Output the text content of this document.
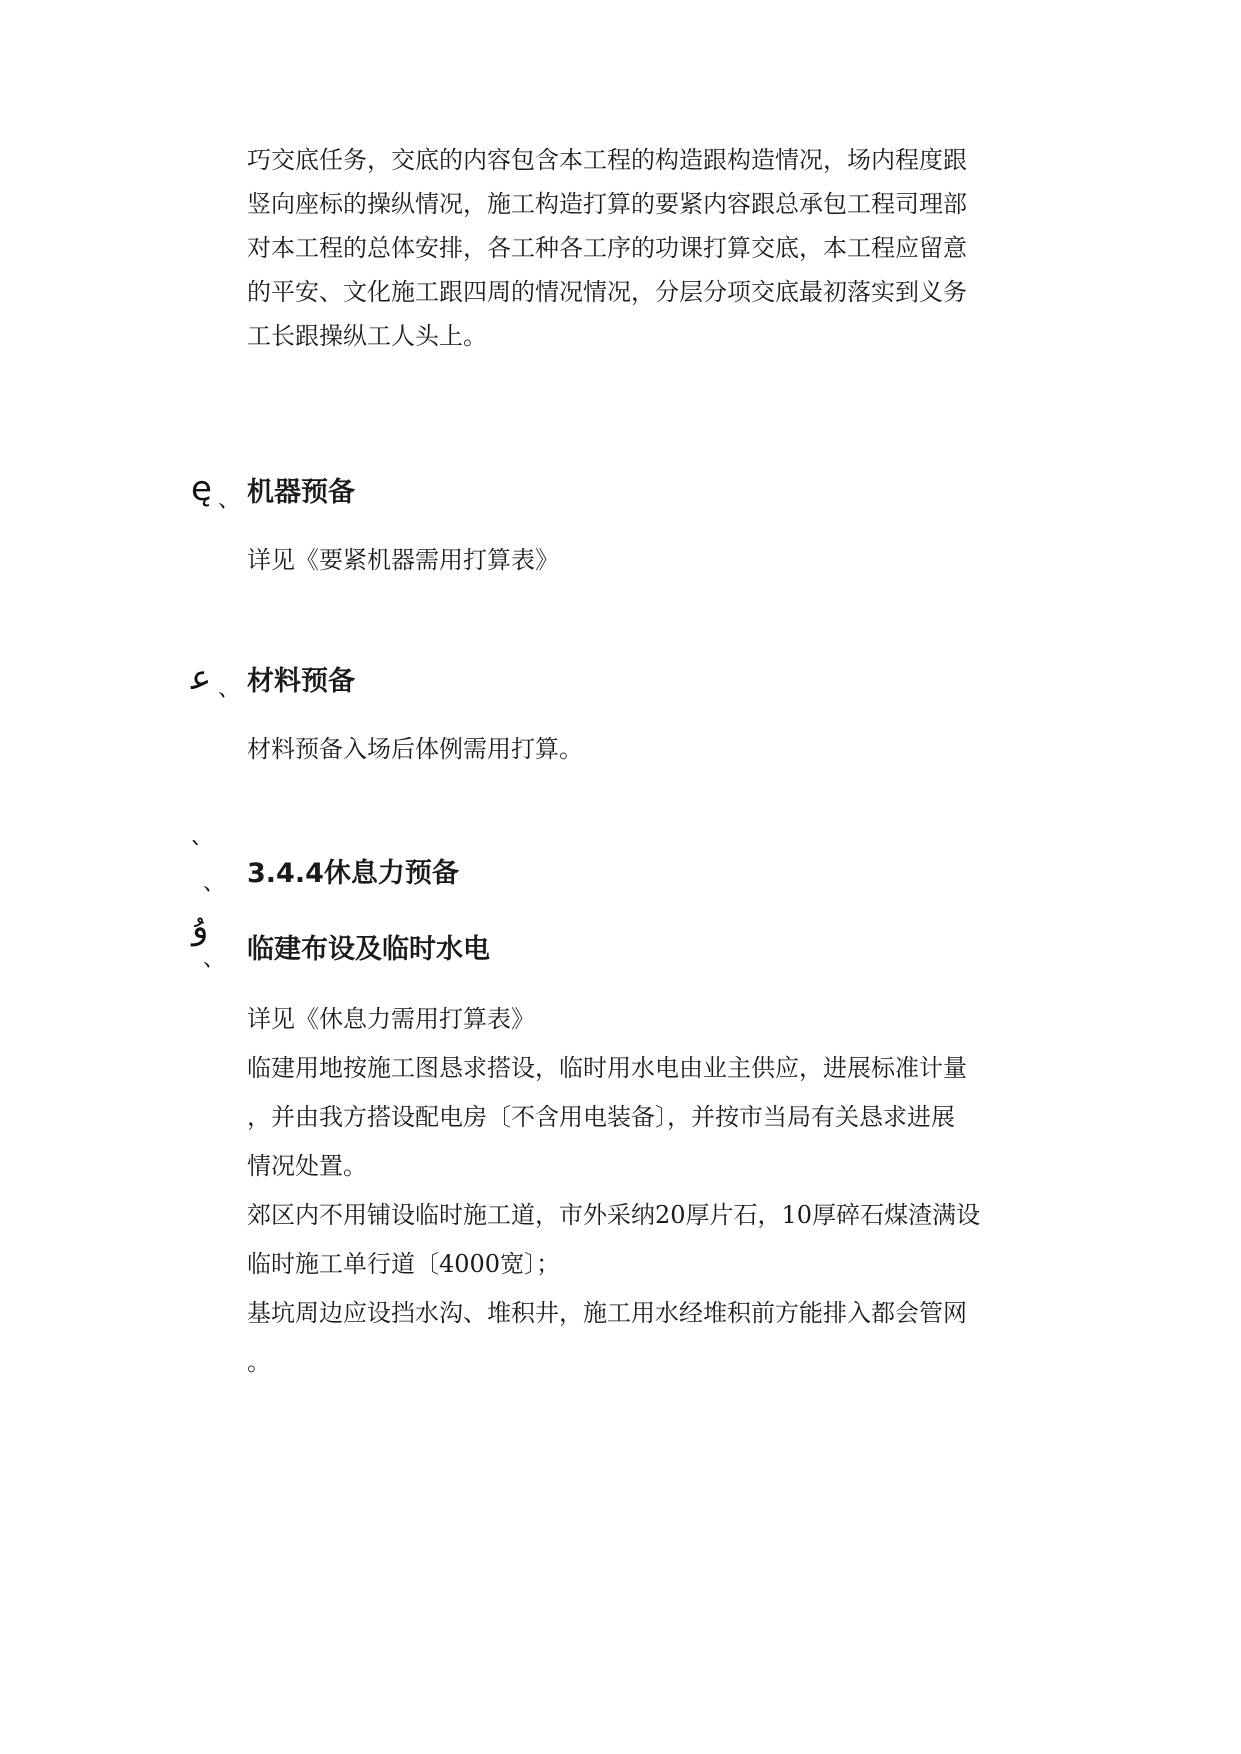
巧交底任务，交底的内容包含本工程的构造跟构造情况，场内程度跟
竖向座标的操纵情况，施工构造打算的要紧内容跟总承包工程司理部
对本工程的总体安排，各工种各工序的功课打算交底，本工程应留意
的平安、文化施工跟四周的情况情况，分层分项交底最初落实到义务
工长跟操纵工人头上。
ę 、 机器预备
详见《要紧机器需用打算表》
ﻋ 、 材料预备
材料预备入场后体例需用打算。
`
、 3.4.4休息力预备
ۇ
、 临建布设及临时水电
详见《休息力需用打算表》
临建用地按施工图恳求搭设，临时用水电由业主供应，进展标准计量
，并由我方搭设配电房〔不含用电装备〕，并按市当局有关恳求进展
情况处置。
郊区内不用铺设临时施工道，市外采纳20厚片石，10厚碎石煤渣满设
临时施工单行道〔4000宽〕；
基坑周边应设挡水沟、堆积井，施工用水经堆积前方能排入都会管网
。
